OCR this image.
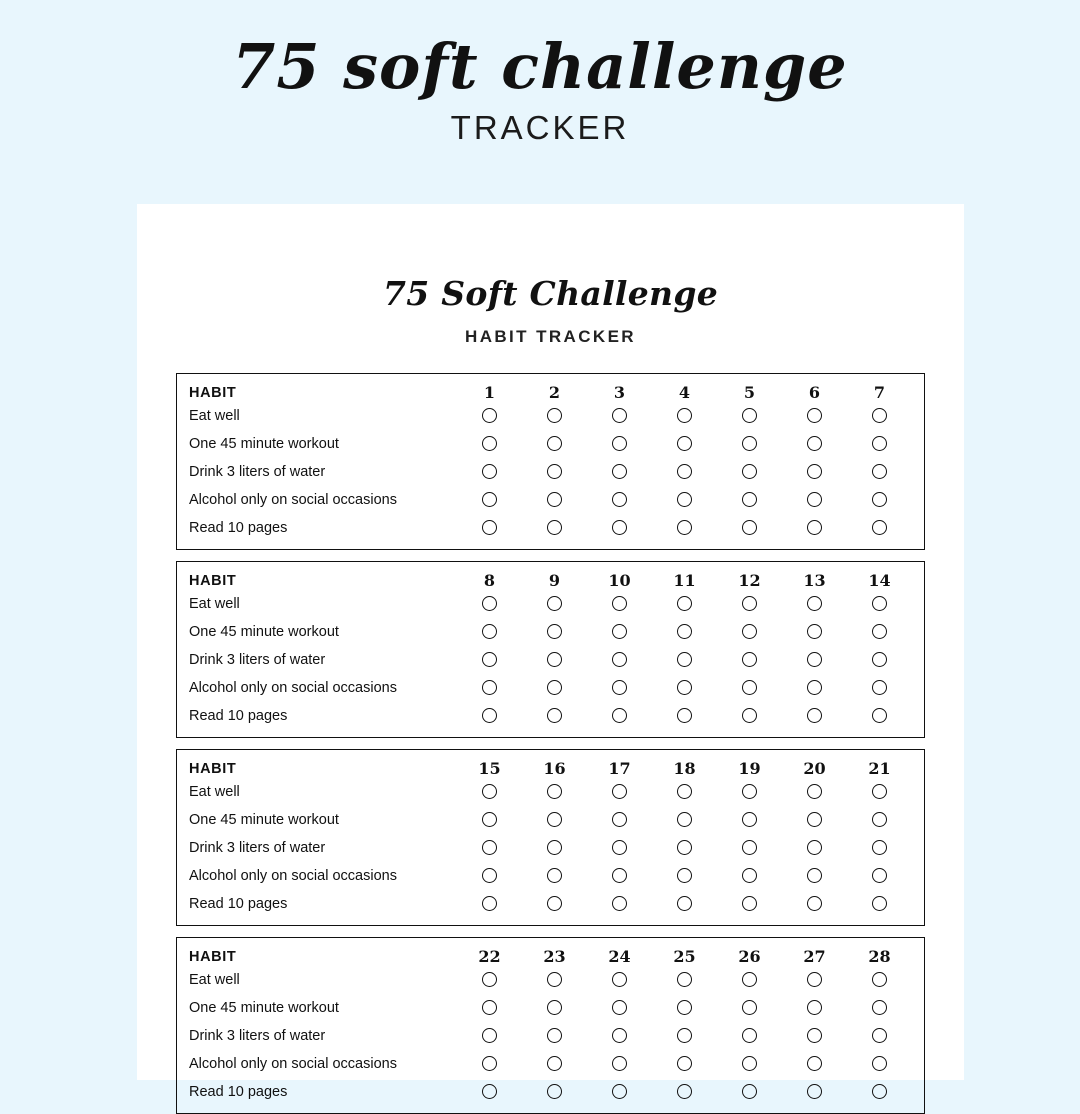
75 soft challenge
TRACKER
75 Soft Challenge
HABIT TRACKER
HABIT	1	2	3	4	5	6	7
Eat well							
One 45 minute workout							
Drink 3 liters of water							
Alcohol only on social occasions							
Read 10 pages							
HABIT	8	9	10	11	12	13	14
Eat well							
One 45 minute workout							
Drink 3 liters of water							
Alcohol only on social occasions							
Read 10 pages							
HABIT	15	16	17	18	19	20	21
Eat well							
One 45 minute workout							
Drink 3 liters of water							
Alcohol only on social occasions							
Read 10 pages							
HABIT	22	23	24	25	26	27	28
Eat well							
One 45 minute workout							
Drink 3 liters of water							
Alcohol only on social occasions							
Read 10 pages							
